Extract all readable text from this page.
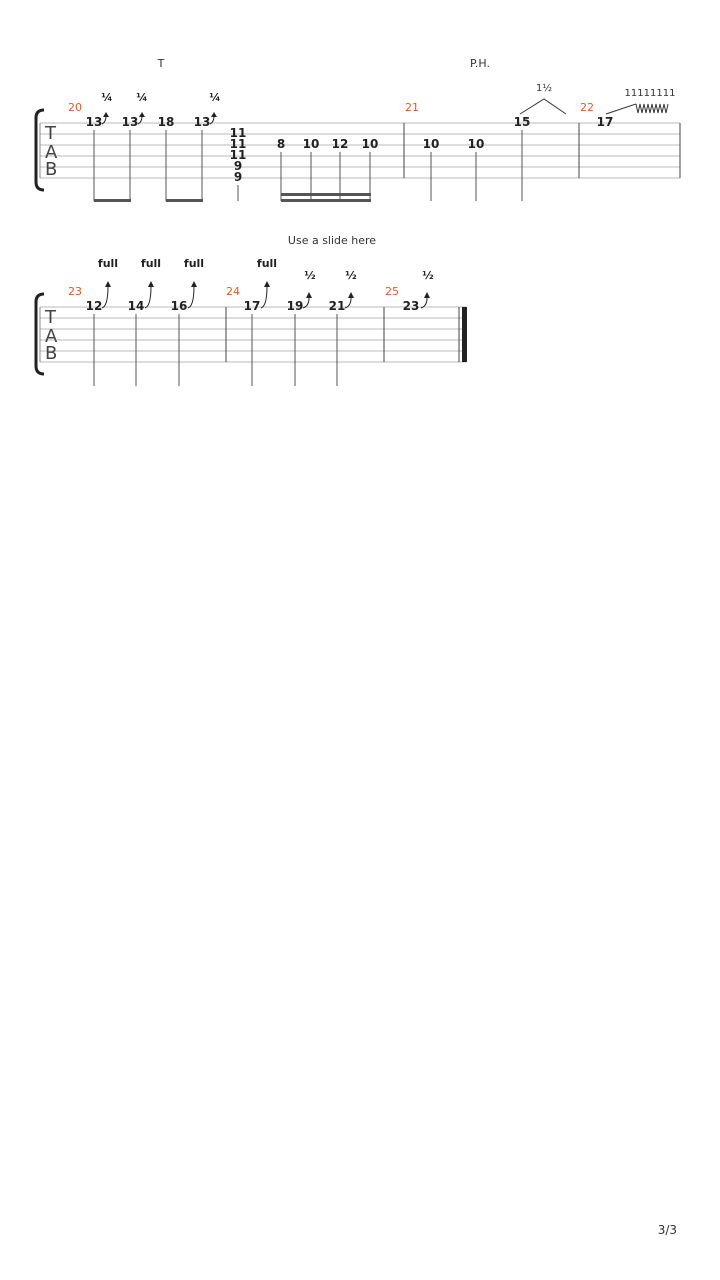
T
A
B
T	P.H.
20	21	22
¼ ¼	¼
13 13 18 13
11
11
11
9
9
8 10 12 10	10 10
15	17
1½	11111111
T
A
B
Use a slide here
23	24	25
full full full	full
½	½	½
12 14 16	17 19 21	23
3/3
